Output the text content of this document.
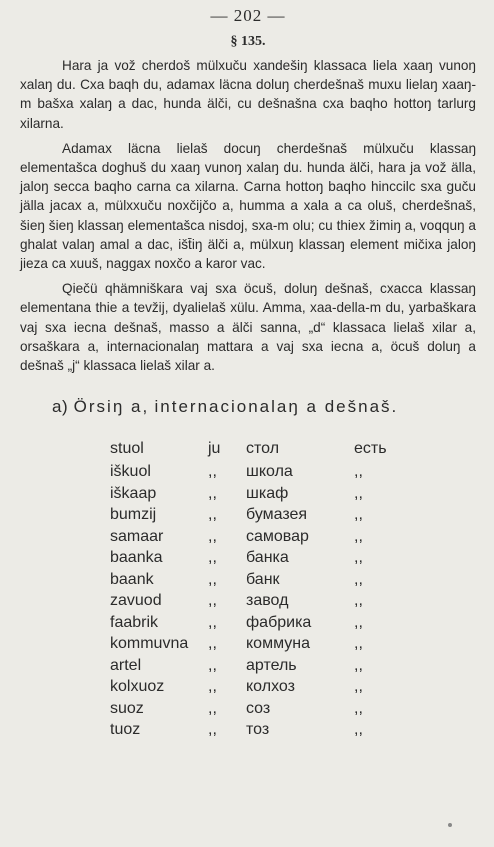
— 202 —
§ 135.

Hara ja vož cherdoš mülxuču xandešiŋ klassaca liela xaaŋ vunoŋ xalaŋ du. Cxa baqh du, adamax läcna doluŋ cherdešnaš muxu lielaŋ xaaŋ-m bašxa xalaŋ a dac, hunda älči, cu dešnašna cxa baqho hottoŋ tarlurg xilarna.

Adamax läcna lielaš docuŋ cherdešnaš mülxuču klassaŋ elementašca doghuš du xaaŋ vunoŋ xalaŋ du. hunda älči, hara ja vož älla, jaloŋ secca baqho carna ca xilarna. Carna hottoŋ baqho hinccilc sxa guču jälla jacax a, mülxxuču noxčijčo a, humma a xala a ca oluš, cherdešnaš, šieŋ šieŋ klassaŋ elementašca nisdoj, sxa-m olu; cu thiex žimiŋ a, voqquŋ a ghalat valaŋ amal a dac, išt̄iŋ älči a, mülxuŋ klassaŋ element mičixa jaloŋ jieza ca xuuš, naggax noxčo a karor vac.

Qiečü qhämniškara vaj sxa öcuš, doluŋ dešnaš, cxacca klassaŋ elementana thie a tevžij, dyalielaš xülu. Amma, xaa-della-m du, yarbaškara vaj sxa iecna dešnaš, masso a älči sanna, „d“ klassaca lielaš xilar a, orsaškara a, internacionalaŋ mattara a vaj sxa iecna a, öcuš doluŋ a dešnaš „j“ klassaca lielaš xilar a.

a) Örsiŋ a, internacionalaŋ a dešnaš.
stuol	ju	стол	есть
iškuol	,,	школа	,,
iškaap	,,	шкаф	,,
bumzij	,,	бумазея	,,
samaar	,,	самовар	,,
baanka	,,	банка	,,
baank	,,	банк	,,
zavuod	,,	завод	,,
faabrik	,,	фабрика	,,
kommuvna	,,	коммуна	,,
artel	,,	артель	,,
kolxuoz	,,	колхоз	,,
suoz	,,	соз	,,
tuoz	,,	тоз	,,
